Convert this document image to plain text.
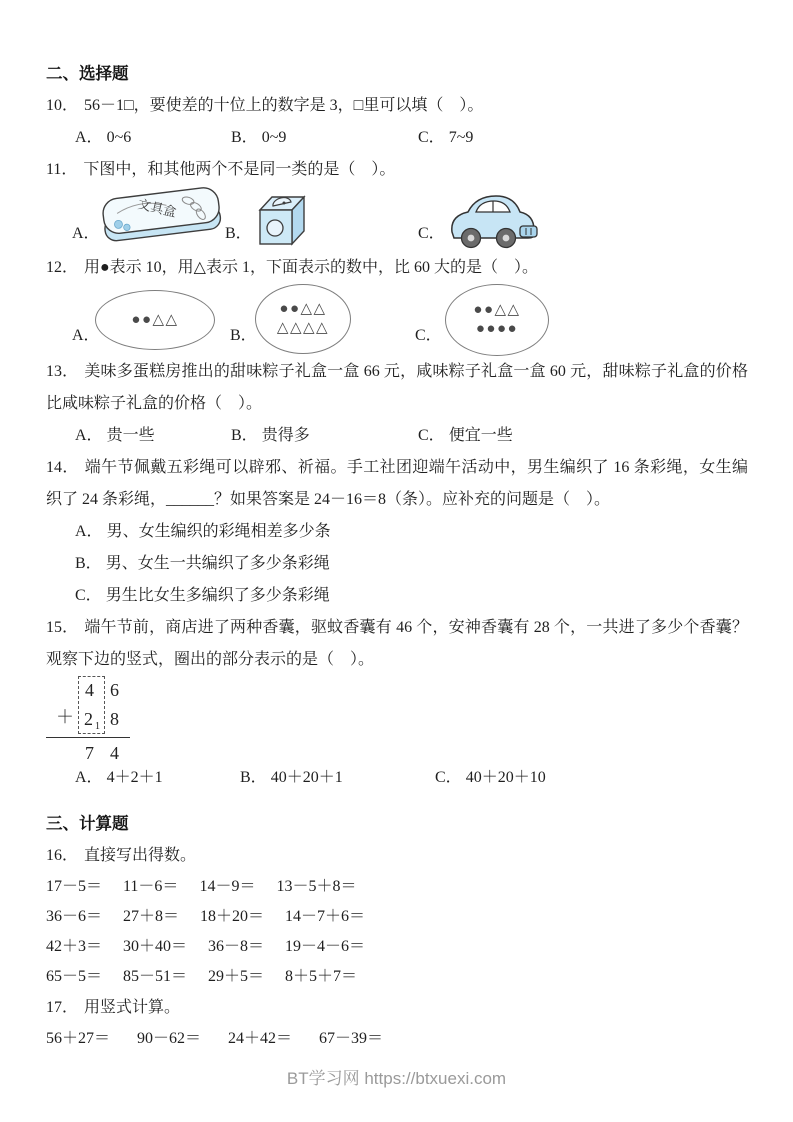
二、选择题

10． 56－1□，要使差的十位上的数字是 3，□里可以填（　）。

A． 0~6	B． 0~9	C． 7~9

11． 下图中，和其他两个不是同一类的是（　）。

A．
文具盒
B．	C．

12． 用●表示 10，用△表示 1，下面表示的数中，比 60 大的是（　）。

A．
●●△△
B．
●●△△
△△△△	C．
●●△△
●●●●

13． 美味多蛋糕房推出的甜味粽子礼盒一盒 66 元，咸味粽子礼盒一盒 60 元，甜味粽子礼盒的价格比咸味粽子礼盒的价格（　）。

A． 贵一些	B． 贵得多	C． 便宜一些

14． 端午节佩戴五彩绳可以辟邪、祈福。手工社团迎端午活动中，男生编织了 16 条彩绳，女生编织了 24 条彩绳，______？如果答案是 24－16＝8（条）。应补充的问题是（　）。

A． 男、女生编织的彩绳相差多少条

B． 男、女生一共编织了多少条彩绳

C． 男生比女生多编织了多少条彩绳

15． 端午节前，商店进了两种香囊，驱蚊香囊有 46 个，安神香囊有 28 个，一共进了多少个香囊？观察下边的竖式，圈出的部分表示的是（　）。

4 6
＋ 2 1 8
7 4
A． 4＋2＋1	B． 40＋20＋1	C． 40＋20＋10
三、计算题

16． 直接写出得数。

17－5＝ 11－6＝ 14－9＝ 13－5＋8＝
36－6＝ 27＋8＝ 18＋20＝ 14－7＋6＝
42＋3＝ 30＋40＝ 36－8＝ 19－4－6＝
65－5＝ 85－51＝ 29＋5＝ 8＋5＋7＝

17． 用竖式计算。

56＋27＝ 90－62＝ 24＋42＝ 67－39＝
BT学习网 https://btxuexi.com
